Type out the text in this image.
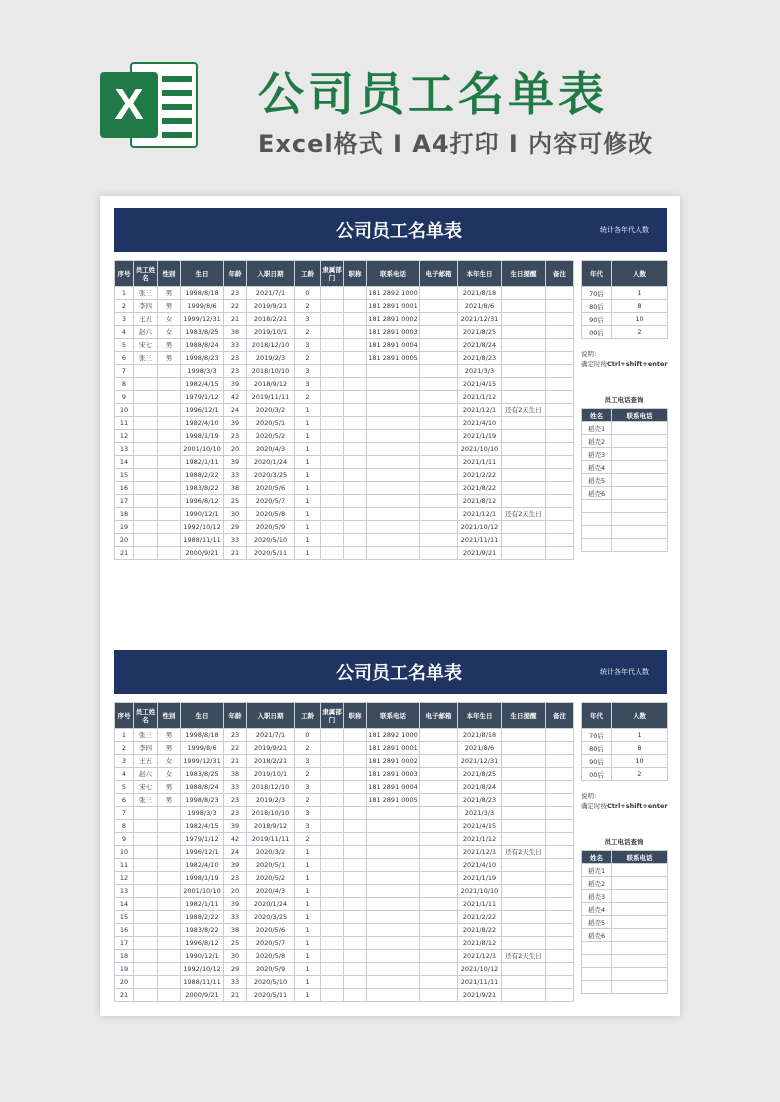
X	公司员工名单表
Excel格式 I A4打印 I 内容可修改
公司员工名单表	统计各年代人数
序号	员工姓名	性别	生日	年龄	入职日期	工龄	隶属部门	职称	联系电话	电子邮箱	本年生日	生日提醒	备注
1	张三	男	1998/8/18	23	2021/7/1	0			181 2892 1000		2021/8/18		
2	李四	男	1999/8/6	22	2019/9/21	2			181 2891 0001		2021/8/6		
3	王五	女	1999/12/31	21	2018/2/21	3			181 2891 0002		2021/12/31		
4	赵六	女	1983/8/25	38	2019/10/1	2			181 2891 0003		2021/8/25		
5	宋七	男	1988/8/24	33	2018/12/10	3			181 2891 0004		2021/8/24		
6	张三	男	1998/8/23	23	2019/2/3	2			181 2891 0005		2021/8/23		
7			1998/3/3	23	2018/10/10	3					2021/3/3		
8			1982/4/15	39	2018/9/12	3					2021/4/15		
9			1979/1/12	42	2019/11/11	2					2021/1/12		
10			1996/12/1	24	2020/3/2	1					2021/12/1	还有2天生日	
11			1982/4/10	39	2020/5/1	1					2021/4/10		
12			1998/1/19	23	2020/5/2	1					2021/1/19		
13			2001/10/10	20	2020/4/3	1					2021/10/10		
14			1982/1/11	39	2020/1/24	1					2021/1/11		
15			1988/2/22	33	2020/3/25	1					2021/2/22		
16			1983/8/22	38	2020/5/6	1					2021/8/22		
17			1996/8/12	25	2020/5/7	1					2021/8/12		
18			1990/12/1	30	2020/5/8	1					2021/12/1	还有2天生日	
19			1992/10/12	29	2020/5/9	1					2021/10/12		
20			1988/11/11	33	2020/5/10	1					2021/11/11		
21			2000/9/21	21	2020/5/11	1					2021/9/21		
年代	人数
70后	1
80后	8
90后	10
00后	2
说明：
确定时按Ctrl+shift+enter
员工电话查询
姓名	联系电话
稻壳1	
稻壳2	
稻壳3	
稻壳4	
稻壳5	
稻壳6	

公司员工名单表	统计各年代人数
序号	员工姓名	性别	生日	年龄	入职日期	工龄	隶属部门	职称	联系电话	电子邮箱	本年生日	生日提醒	备注
1	张三	男	1998/8/18	23	2021/7/1	0			181 2892 1000		2021/8/18		
2	李四	男	1999/8/6	22	2019/9/21	2			181 2891 0001		2021/8/6		
3	王五	女	1999/12/31	21	2018/2/21	3			181 2891 0002		2021/12/31		
4	赵六	女	1983/8/25	38	2019/10/1	2			181 2891 0003		2021/8/25		
5	宋七	男	1988/8/24	33	2018/12/10	3			181 2891 0004		2021/8/24		
6	张三	男	1998/8/23	23	2019/2/3	2			181 2891 0005		2021/8/23		
7			1998/3/3	23	2018/10/10	3					2021/3/3		
8			1982/4/15	39	2018/9/12	3					2021/4/15		
9			1979/1/12	42	2019/11/11	2					2021/1/12		
10			1996/12/1	24	2020/3/2	1					2021/12/1	还有2天生日	
11			1982/4/10	39	2020/5/1	1					2021/4/10		
12			1998/1/19	23	2020/5/2	1					2021/1/19		
13			2001/10/10	20	2020/4/3	1					2021/10/10		
14			1982/1/11	39	2020/1/24	1					2021/1/11		
15			1988/2/22	33	2020/3/25	1					2021/2/22		
16			1983/8/22	38	2020/5/6	1					2021/8/22		
17			1996/8/12	25	2020/5/7	1					2021/8/12		
18			1990/12/1	30	2020/5/8	1					2021/12/1	还有2天生日	
19			1992/10/12	29	2020/5/9	1					2021/10/12		
20			1988/11/11	33	2020/5/10	1					2021/11/11		
21			2000/9/21	21	2020/5/11	1					2021/9/21		
年代	人数
70后	1
80后	8
90后	10
00后	2
说明：
确定时按Ctrl+shift+enter
员工电话查询
姓名	联系电话
稻壳1	
稻壳2	
稻壳3	
稻壳4	
稻壳5	
稻壳6	
